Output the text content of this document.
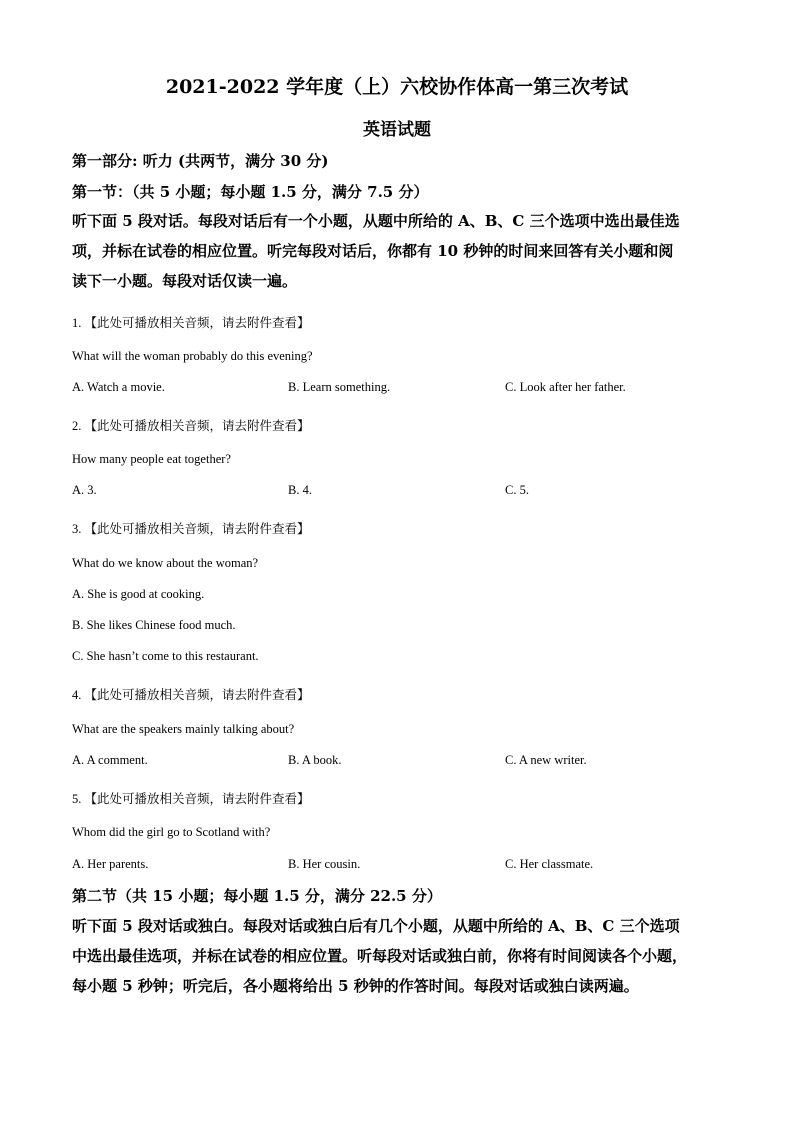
2021-2022 学年度（上）六校协作体高一第三次考试
英语试题
第一部分: 听力 (共两节，满分 30 分)
第一节：（共 5 小题；每小题 1.5 分，满分 7.5 分）
听下面 5 段对话。每段对话后有一个小题，从题中所给的 A、B、C 三个选项中选出最佳选
项，并标在试卷的相应位置。听完每段对话后，你都有 10 秒钟的时间来回答有关小题和阅
读下一小题。每段对话仅读一遍。
1. 【此处可播放相关音频，请去附件查看】
What will the woman probably do this evening?
A. Watch a movie.	B. Learn something.	C. Look after her father.
2. 【此处可播放相关音频，请去附件查看】
How many people eat together?
A. 3.	B. 4.	C. 5.
3. 【此处可播放相关音频，请去附件查看】
What do we know about the woman?
A. She is good at cooking.
B. She likes Chinese food much.
C. She hasn’t come to this restaurant.
4. 【此处可播放相关音频，请去附件查看】
What are the speakers mainly talking about?
A. A comment.	B. A book.	C. A new writer.
5. 【此处可播放相关音频，请去附件查看】
Whom did the girl go to Scotland with?
A. Her parents.	B. Her cousin.	C. Her classmate.
第二节（共 15 小题；每小题 1.5 分，满分 22.5 分）
听下面 5 段对话或独白。每段对话或独白后有几个小题，从题中所给的 A、B、C 三个选项
中选出最佳选项，并标在试卷的相应位置。听每段对话或独白前，你将有时间阅读各个小题，
每小题 5 秒钟；听完后，各小题将给出 5 秒钟的作答时间。每段对话或独白读两遍。
